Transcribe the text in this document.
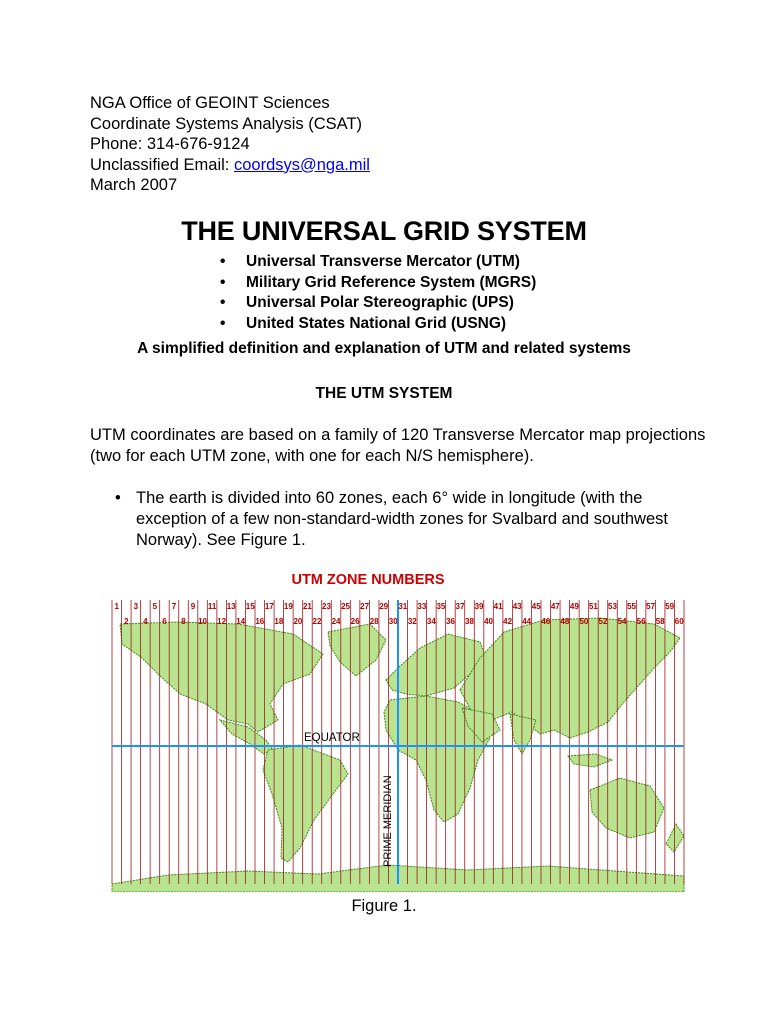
NGA Office of GEOINT Sciences
Coordinate Systems Analysis (CSAT)
Phone: 314-676-9124
Unclassified Email: coordsys@nga.mil
March 2007
THE UNIVERSAL GRID SYSTEM
• Universal Transverse Mercator (UTM)
• Military Grid Reference System (MGRS)
• Universal Polar Stereographic (UPS)
• United States National Grid (USNG)
A simplified definition and explanation of UTM and related systems
THE UTM SYSTEM
UTM coordinates are based on a family of 120 Transverse Mercator map projections (two for each UTM zone, with one for each N/S hemisphere).
• The earth is divided into 60 zones, each 6° wide in longitude (with the exception of a few non-standard-width zones for Svalbard and southwest Norway). See Figure 1.
UTM ZONE NUMBERS
1
2
3
4
5
6
7
8
9
10
11
12
13
14
15
16
17
18
19
20
21
22
23
24
25
26
27
28
29
30
31
32
33
34
35
36
37
38
39
40
41
42
43
44
45
46
47
48
49
50
51
52
53
54
55
56
57
58
59
60
EQUATOR
PRIME MERIDIAN
Figure 1.
